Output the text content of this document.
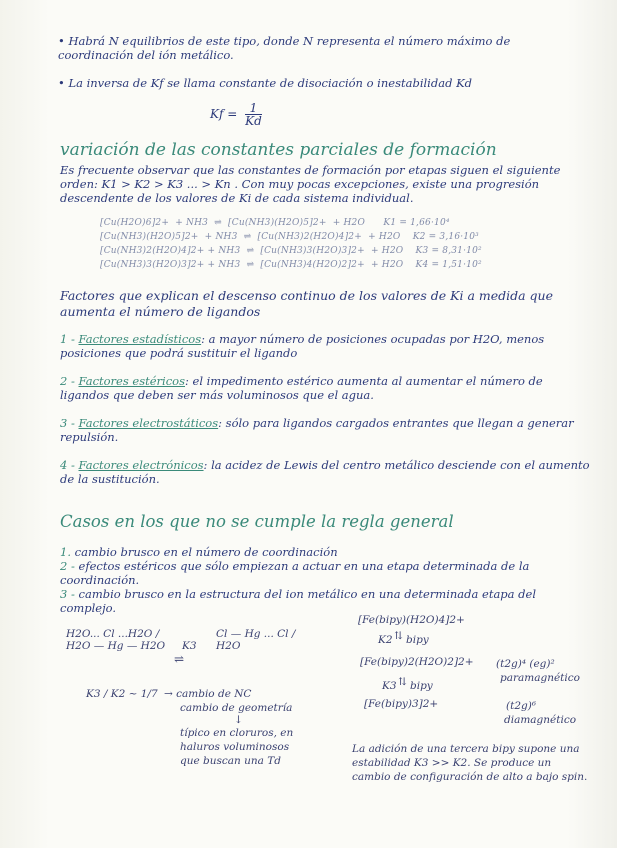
• Habrá N equilibrios de este tipo, donde N representa el número máximo de coordinación del ión metálico.
• La inversa de Kf se llama constante de disociación o inestabilidad Kd
$Kf = \frac{1}{Kd}$
variación de las constantes parciales de formación
Es frecuente observar que las constantes de formación por etapas siguen el siguiente orden: K1 > K2 > K3 ... > Kn . Con muy pocas excepciones, existe una progresión descendente de los valores de Ki de cada sistema individual.
[Cu(H2O)6]2+  + NH3  ⇌  [Cu(NH3)(H2O)5]2+  + H2O      K1 = 1,66·10⁴
[Cu(NH3)(H2O)5]2+  + NH3  ⇌  [Cu(NH3)2(H2O)4]2+  + H2O    K2 = 3,16·10³
[Cu(NH3)2(H2O)4]2+ + NH3  ⇌  [Cu(NH3)3(H2O)3]2+  + H2O    K3 = 8,31·10²
[Cu(NH3)3(H2O)3]2+ + NH3  ⇌  [Cu(NH3)4(H2O)2]2+  + H2O    K4 = 1,51·10²
Factores que explican el descenso continuo de los valores de Ki a medida que aumenta el número de ligandos
1 - Factores estadísticos: a mayor número de posiciones ocupadas por H2O, menos posiciones que podrá sustituir el ligando
2 - Factores estéricos: el impedimento estérico aumenta al aumentar el número de ligandos que deben ser más voluminosos que el agua.
3 - Factores electrostáticos: sólo para ligandos cargados entrantes que llegan a generar repulsión.
4 - Factores electrónicos: la acidez de Lewis del centro metálico desciende con el aumento de la sustitución.
Casos en los que no se cumple la regla general
1. cambio brusco en el número de coordinación
2 - efectos estéricos que sólo empiezan a actuar en una etapa determinada de la coordinación.
3 - cambio brusco en la estructura del ion metálico en una determinada etapa del complejo.
H2O... Cl ...H2O / H2O — Hg — H2O	K3
⇌
Cl — Hg ... Cl / H2O
K3 / K2 ~ 1/7 → cambio de NC
cambio de geometría
↓
típico en cloruros, en haluros voluminosos que buscan una Td
[Fe(bipy)(H2O)4]2+
K2 ⇅ bipy
[Fe(bipy)2(H2O)2]2+ (t2g)⁴ (eg)²
paramagnético
K3 ⇅ bipy
[Fe(bipy)3]2+	(t2g)⁶
diamagnético
La adición de una tercera bipy supone una estabilidad K3 >> K2. Se produce un cambio de configuración de alto a bajo spin.
